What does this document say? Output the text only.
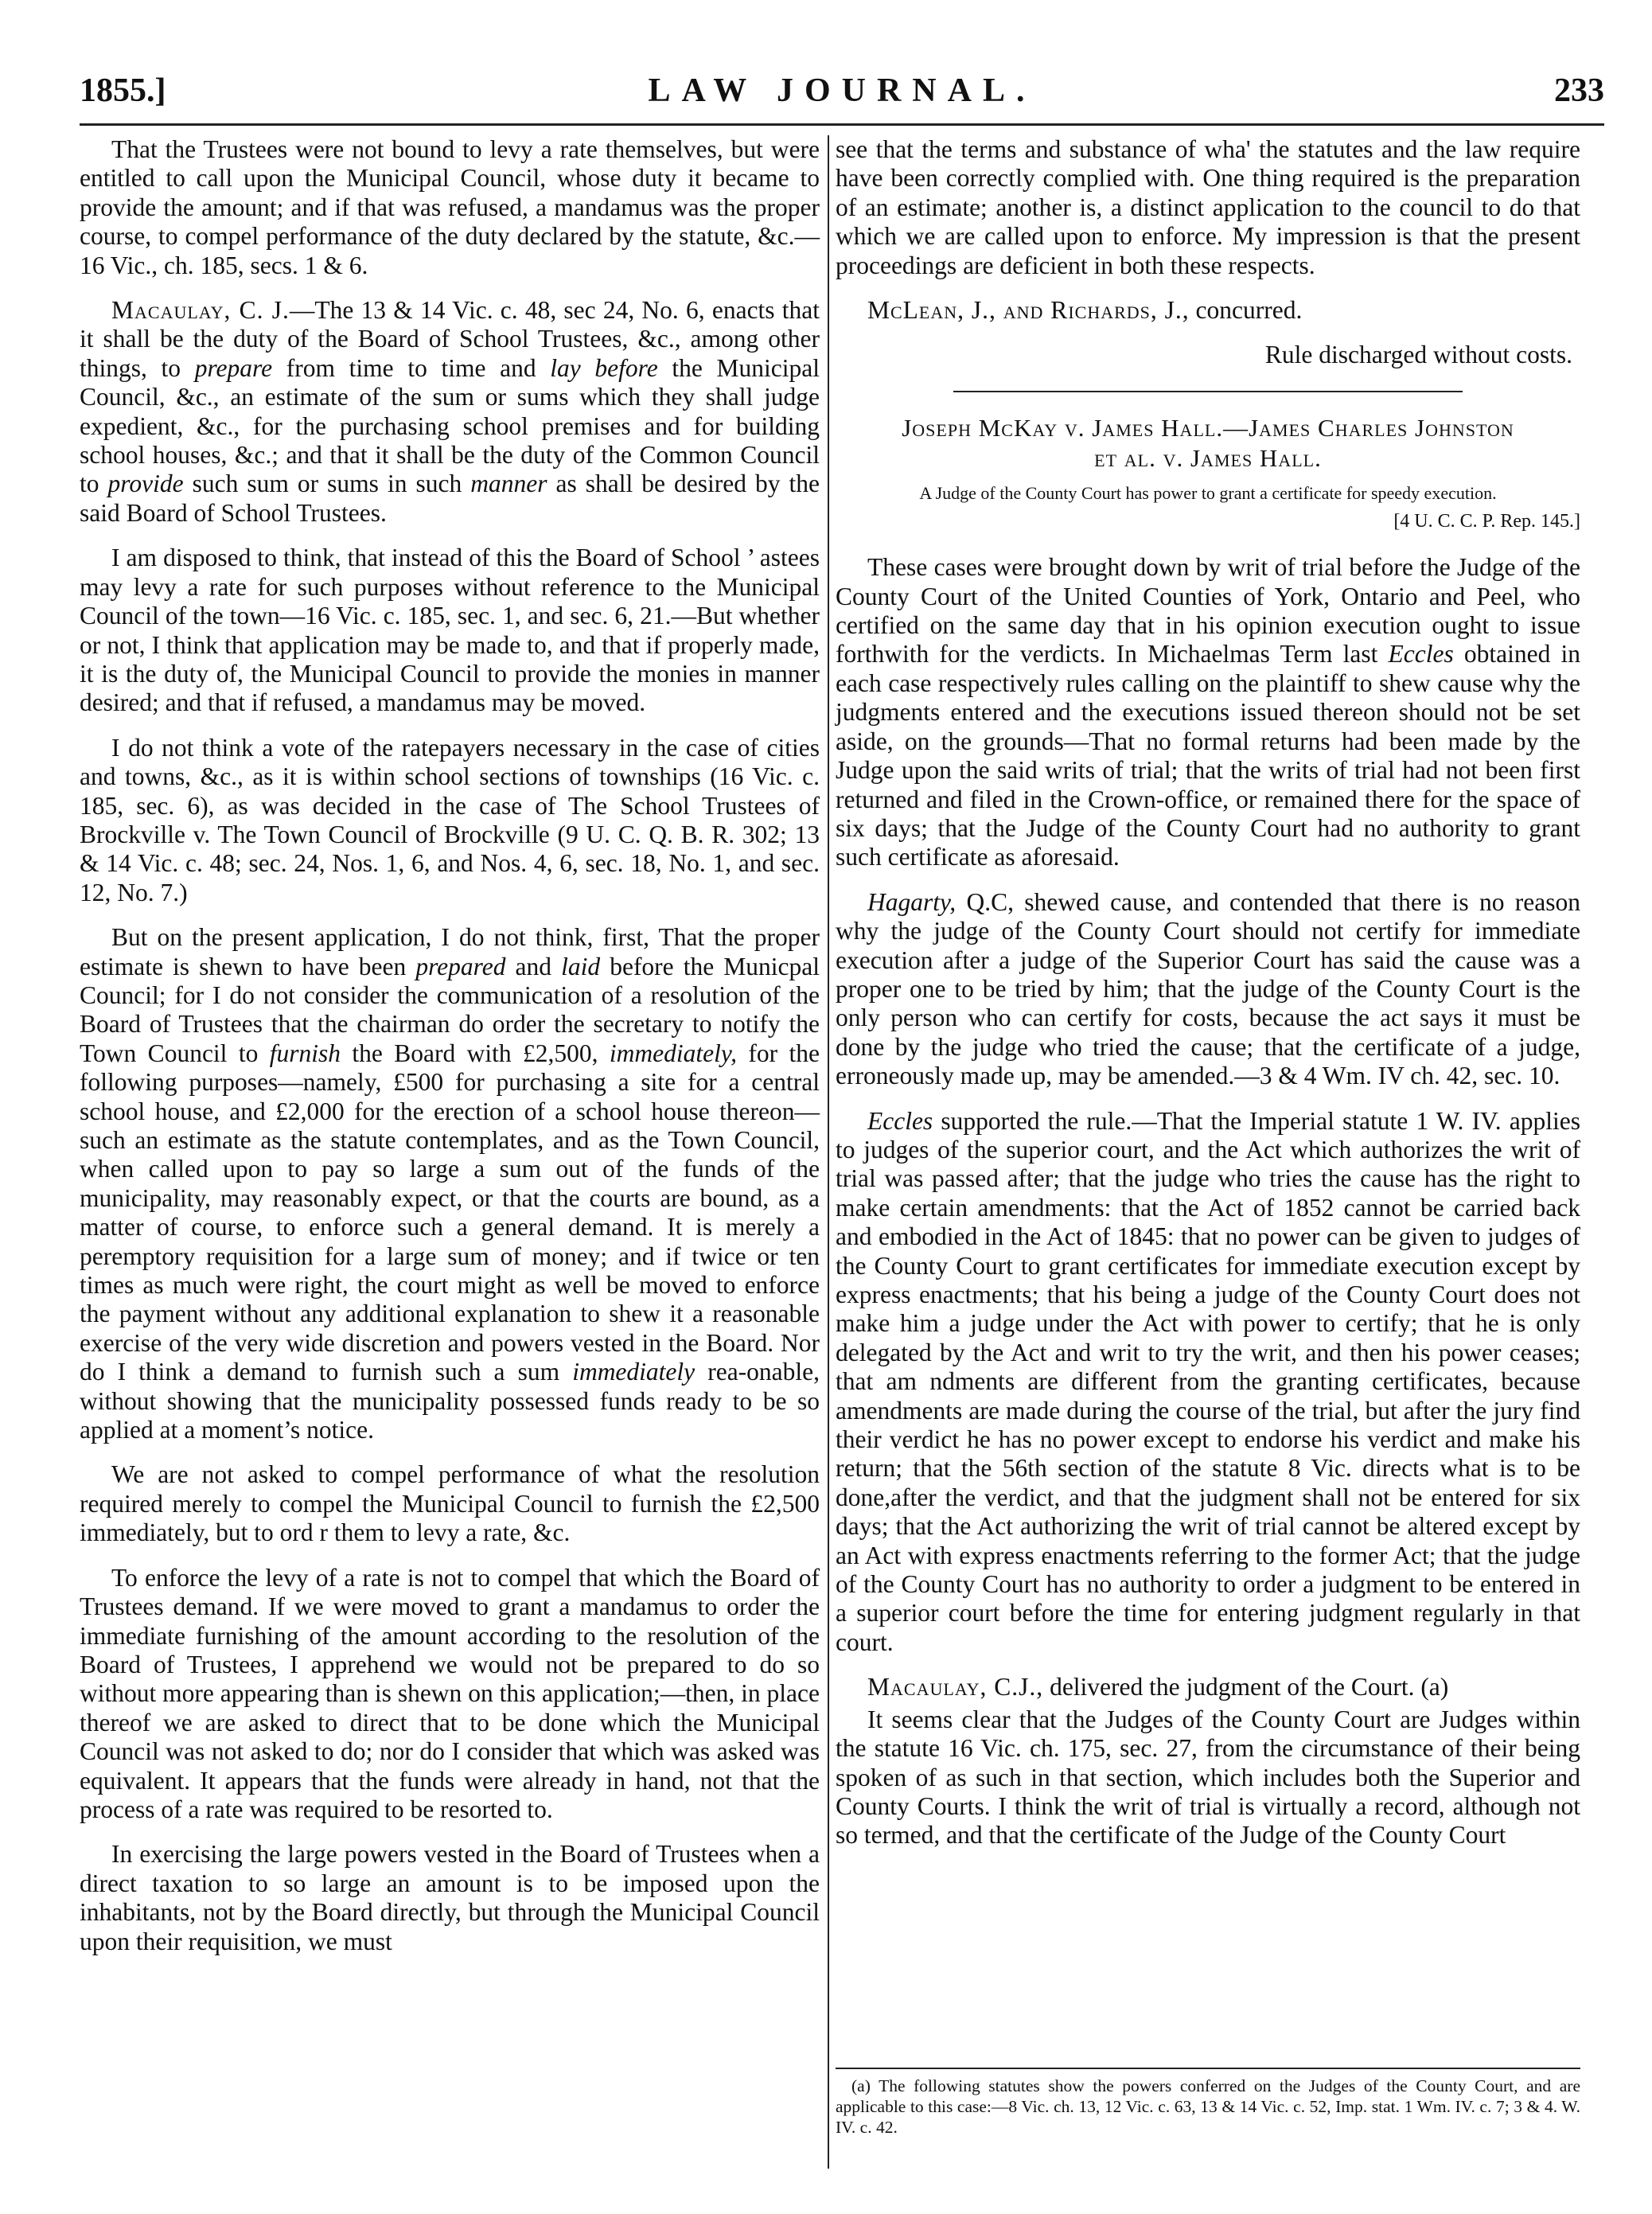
1855.]	LAW JOURNAL.	233

That the Trustees were not bound to levy a rate themselves, but were entitled to call upon the Municipal Council, whose duty it became to provide the amount; and if that was refused, a mandamus was the proper course, to compel performance of the duty declared by the statute, &c.—16 Vic., ch. 185, secs. 1 & 6.

Macaulay, C. J.—The 13 & 14 Vic. c. 48, sec 24, No. 6, enacts that it shall be the duty of the Board of School Trustees, &c., among other things, to prepare from time to time and lay before the Municipal Council, &c., an estimate of the sum or sums which they shall judge expedient, &c., for the purchasing school premises and for building school houses, &c.; and that it shall be the duty of the Common Council to provide such sum or sums in such manner as shall be desired by the said Board of School Trustees.

I am disposed to think, that instead of this the Board of School ’ astees may levy a rate for such purposes without reference to the Municipal Council of the town—16 Vic. c. 185, sec. 1, and sec. 6, 21.—But whether or not, I think that application may be made to, and that if properly made, it is the duty of, the Municipal Council to provide the monies in manner desired; and that if refused, a mandamus may be moved.

I do not think a vote of the ratepayers necessary in the case of cities and towns, &c., as it is within school sections of townships (16 Vic. c. 185, sec. 6), as was decided in the case of The School Trustees of Brockville v. The Town Council of Brockville (9 U. C. Q. B. R. 302; 13 & 14 Vic. c. 48; sec. 24, Nos. 1, 6, and Nos. 4, 6, sec. 18, No. 1, and sec. 12, No. 7.)

But on the present application, I do not think, first, That the proper estimate is shewn to have been prepared and laid before the Municpal Council; for I do not consider the communication of a resolution of the Board of Trustees that the chairman do order the secretary to notify the Town Council to furnish the Board with £2,500, immediately, for the following purposes—namely, £500 for purchasing a site for a central school house, and £2,000 for the erection of a school house thereon—such an estimate as the statute contemplates, and as the Town Council, when called upon to pay so large a sum out of the funds of the municipality, may reasonably expect, or that the courts are bound, as a matter of course, to enforce such a general demand. It is merely a peremptory requisition for a large sum of money; and if twice or ten times as much were right, the court might as well be moved to enforce the payment without any additional explanation to shew it a reasonable exercise of the very wide discretion and powers vested in the Board. Nor do I think a demand to furnish such a sum immediately rea-onable, without showing that the municipality possessed funds ready to be so applied at a moment’s notice.

We are not asked to compel performance of what the resolution required merely to compel the Municipal Council to furnish the £2,500 immediately, but to ord r them to levy a rate, &c.

To enforce the levy of a rate is not to compel that which the Board of Trustees demand. If we were moved to grant a mandamus to order the immediate furnishing of the amount according to the resolution of the Board of Trustees, I apprehend we would not be prepared to do so without more appearing than is shewn on this application;—then, in place thereof we are asked to direct that to be done which the Municipal Council was not asked to do; nor do I consider that which was asked was equivalent. It appears that the funds were already in hand, not that the process of a rate was required to be resorted to.

In exercising the large powers vested in the Board of Trustees when a direct taxation to so large an amount is to be imposed upon the inhabitants, not by the Board directly, but through the Municipal Council upon their requisition, we must

see that the terms and substance of wha' the statutes and the law require have been correctly complied with. One thing required is the preparation of an estimate; another is, a distinct application to the council to do that which we are called upon to enforce. My impression is that the present proceedings are deficient in both these respects.

McLean, J., and Richards, J., concurred.

Rule discharged without costs.

Joseph McKay v. James Hall.—James Charles Johnston
et al. v. James Hall.

A Judge of the County Court has power to grant a certificate for speedy execution.

[4 U. C. C. P. Rep. 145.]

These cases were brought down by writ of trial before the Judge of the County Court of the United Counties of York, Ontario and Peel, who certified on the same day that in his opinion execution ought to issue forthwith for the verdicts. In Michaelmas Term last Eccles obtained in each case respectively rules calling on the plaintiff to shew cause why the judgments entered and the executions issued thereon should not be set aside, on the grounds—That no formal returns had been made by the Judge upon the said writs of trial; that the writs of trial had not been first returned and filed in the Crown-office, or remained there for the space of six days; that the Judge of the County Court had no authority to grant such certificate as aforesaid.

Hagarty, Q.C, shewed cause, and contended that there is no reason why the judge of the County Court should not certify for immediate execution after a judge of the Superior Court has said the cause was a proper one to be tried by him; that the judge of the County Court is the only person who can certify for costs, because the act says it must be done by the judge who tried the cause; that the certificate of a judge, erroneously made up, may be amended.—3 & 4 Wm. IV ch. 42, sec. 10.

Eccles supported the rule.—That the Imperial statute 1 W. IV. applies to judges of the superior court, and the Act which authorizes the writ of trial was passed after; that the judge who tries the cause has the right to make certain amendments: that the Act of 1852 cannot be carried back and embodied in the Act of 1845: that no power can be given to judges of the County Court to grant certificates for immediate execution except by express enactments; that his being a judge of the County Court does not make him a judge under the Act with power to certify; that he is only delegated by the Act and writ to try the writ, and then his power ceases; that am ndments are different from the granting certificates, because amendments are made during the course of the trial, but after the jury find their verdict he has no power except to endorse his verdict and make his return; that the 56th section of the statute 8 Vic. directs what is to be done,after the verdict, and that the judgment shall not be entered for six days; that the Act authorizing the writ of trial cannot be altered except by an Act with express enactments referring to the former Act; that the judge of the County Court has no authority to order a judgment to be entered in a superior court before the time for entering judgment regularly in that court.

Macaulay, C.J., delivered the judgment of the Court. (a)

It seems clear that the Judges of the County Court are Judges within the statute 16 Vic. ch. 175, sec. 27, from the circumstance of their being spoken of as such in that section, which includes both the Superior and County Courts. I think the writ of trial is virtually a record, although not so termed, and that the certificate of the Judge of the County Court

(a) The following statutes show the powers conferred on the Judges of the County Court, and are applicable to this case:—8 Vic. ch. 13, 12 Vic. c. 63, 13 & 14 Vic. c. 52, Imp. stat. 1 Wm. IV. c. 7; 3 & 4. W. IV. c. 42.
